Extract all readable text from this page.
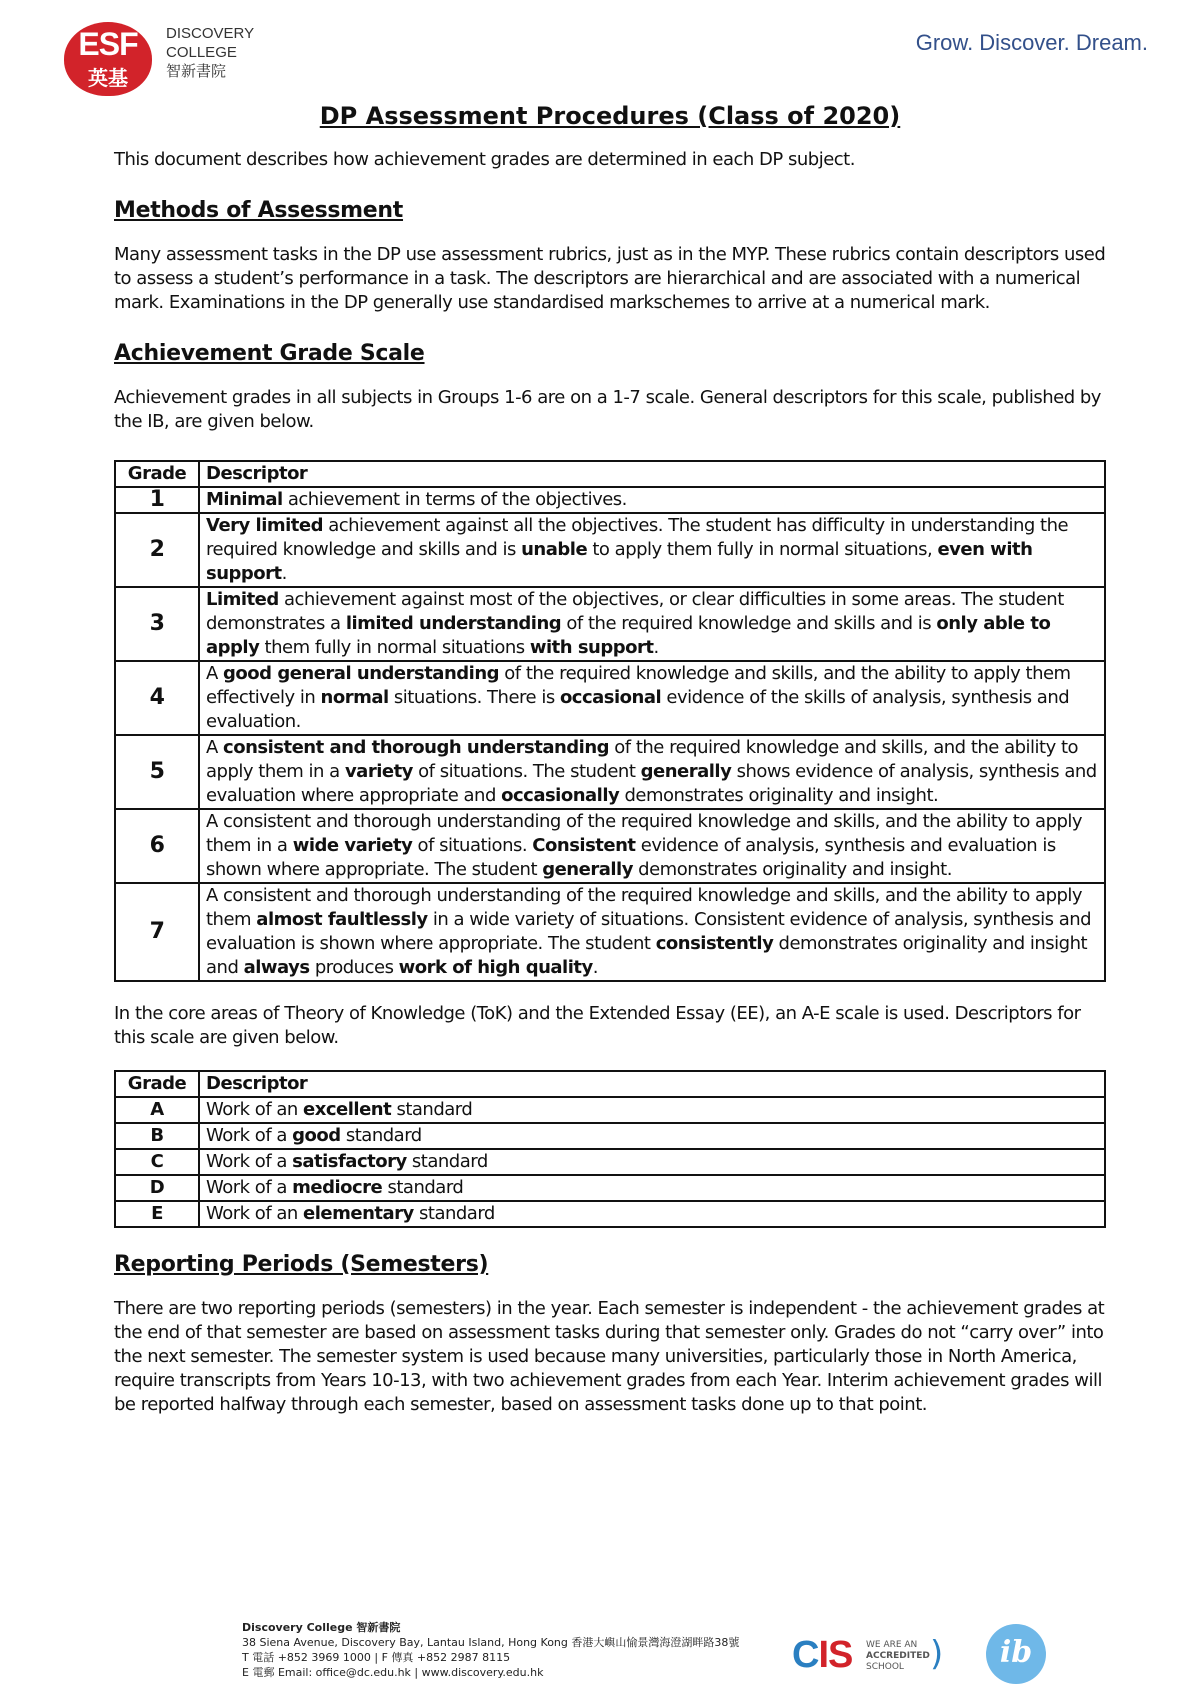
ESF
英基
DISCOVERY
COLLEGE
智新書院
Grow. Discover. Dream.
DP Assessment Procedures (Class of 2020)

This document describes how achievement grades are determined in each DP subject.

Methods of Assessment

Many assessment tasks in the DP use assessment rubrics, just as in the MYP. These rubrics contain descriptors used to assess a student’s performance in a task. The descriptors are hierarchical and are associated with a numerical mark. Examinations in the DP generally use standardised markschemes to arrive at a numerical mark.

Achievement Grade Scale

Achievement grades in all subjects in Groups 1-6 are on a 1-7 scale. General descriptors for this scale, published by the IB, are given below.

Grade	Descriptor
1	Minimal achievement in terms of the objectives.
2	Very limited achievement against all the objectives. The student has difficulty in understanding the required knowledge and skills and is unable to apply them fully in normal situations, even with support.
3	Limited achievement against most of the objectives, or clear difficulties in some areas. The student demonstrates a limited understanding of the required knowledge and skills and is only able to apply them fully in normal situations with support.
4	A good general understanding of the required knowledge and skills, and the ability to apply them effectively in normal situations. There is occasional evidence of the skills of analysis, synthesis and evaluation.
5	A consistent and thorough understanding of the required knowledge and skills, and the ability to apply them in a variety of situations. The student generally shows evidence of analysis, synthesis and evaluation where appropriate and occasionally demonstrates originality and insight.
6	A consistent and thorough understanding of the required knowledge and skills, and the ability to apply them in a wide variety of situations. Consistent evidence of analysis, synthesis and evaluation is shown where appropriate. The student generally demonstrates originality and insight.
7	A consistent and thorough understanding of the required knowledge and skills, and the ability to apply them almost faultlessly in a wide variety of situations. Consistent evidence of analysis, synthesis and evaluation is shown where appropriate. The student consistently demonstrates originality and insight and always produces work of high quality.

In the core areas of Theory of Knowledge (ToK) and the Extended Essay (EE), an A-E scale is used. Descriptors for this scale are given below.

Grade	Descriptor
A	Work of an excellent standard
B	Work of a good standard
C	Work of a satisfactory standard
D	Work of a mediocre standard
E	Work of an elementary standard
Reporting Periods (Semesters)

There are two reporting periods (semesters) in the year. Each semester is independent - the achievement grades at the end of that semester are based on assessment tasks during that semester only. Grades do not “carry over” into the next semester. The semester system is used because many universities, particularly those in North America, require transcripts from Years 10-13, with two achievement grades from each Year. Interim achievement grades will be reported halfway through each semester, based on assessment tasks done up to that point.

Discovery College 智新書院
38 Siena Avenue, Discovery Bay, Lantau Island, Hong Kong 香港大嶼山愉景灣海澄湖畔路38號
T 電話 +852 3969 1000 | F 傳真 +852 2987 8115
E 電郵 Email: office@dc.edu.hk | www.discovery.edu.hk	CIS WE ARE AN
ACCREDITED
SCHOOL )	ib
